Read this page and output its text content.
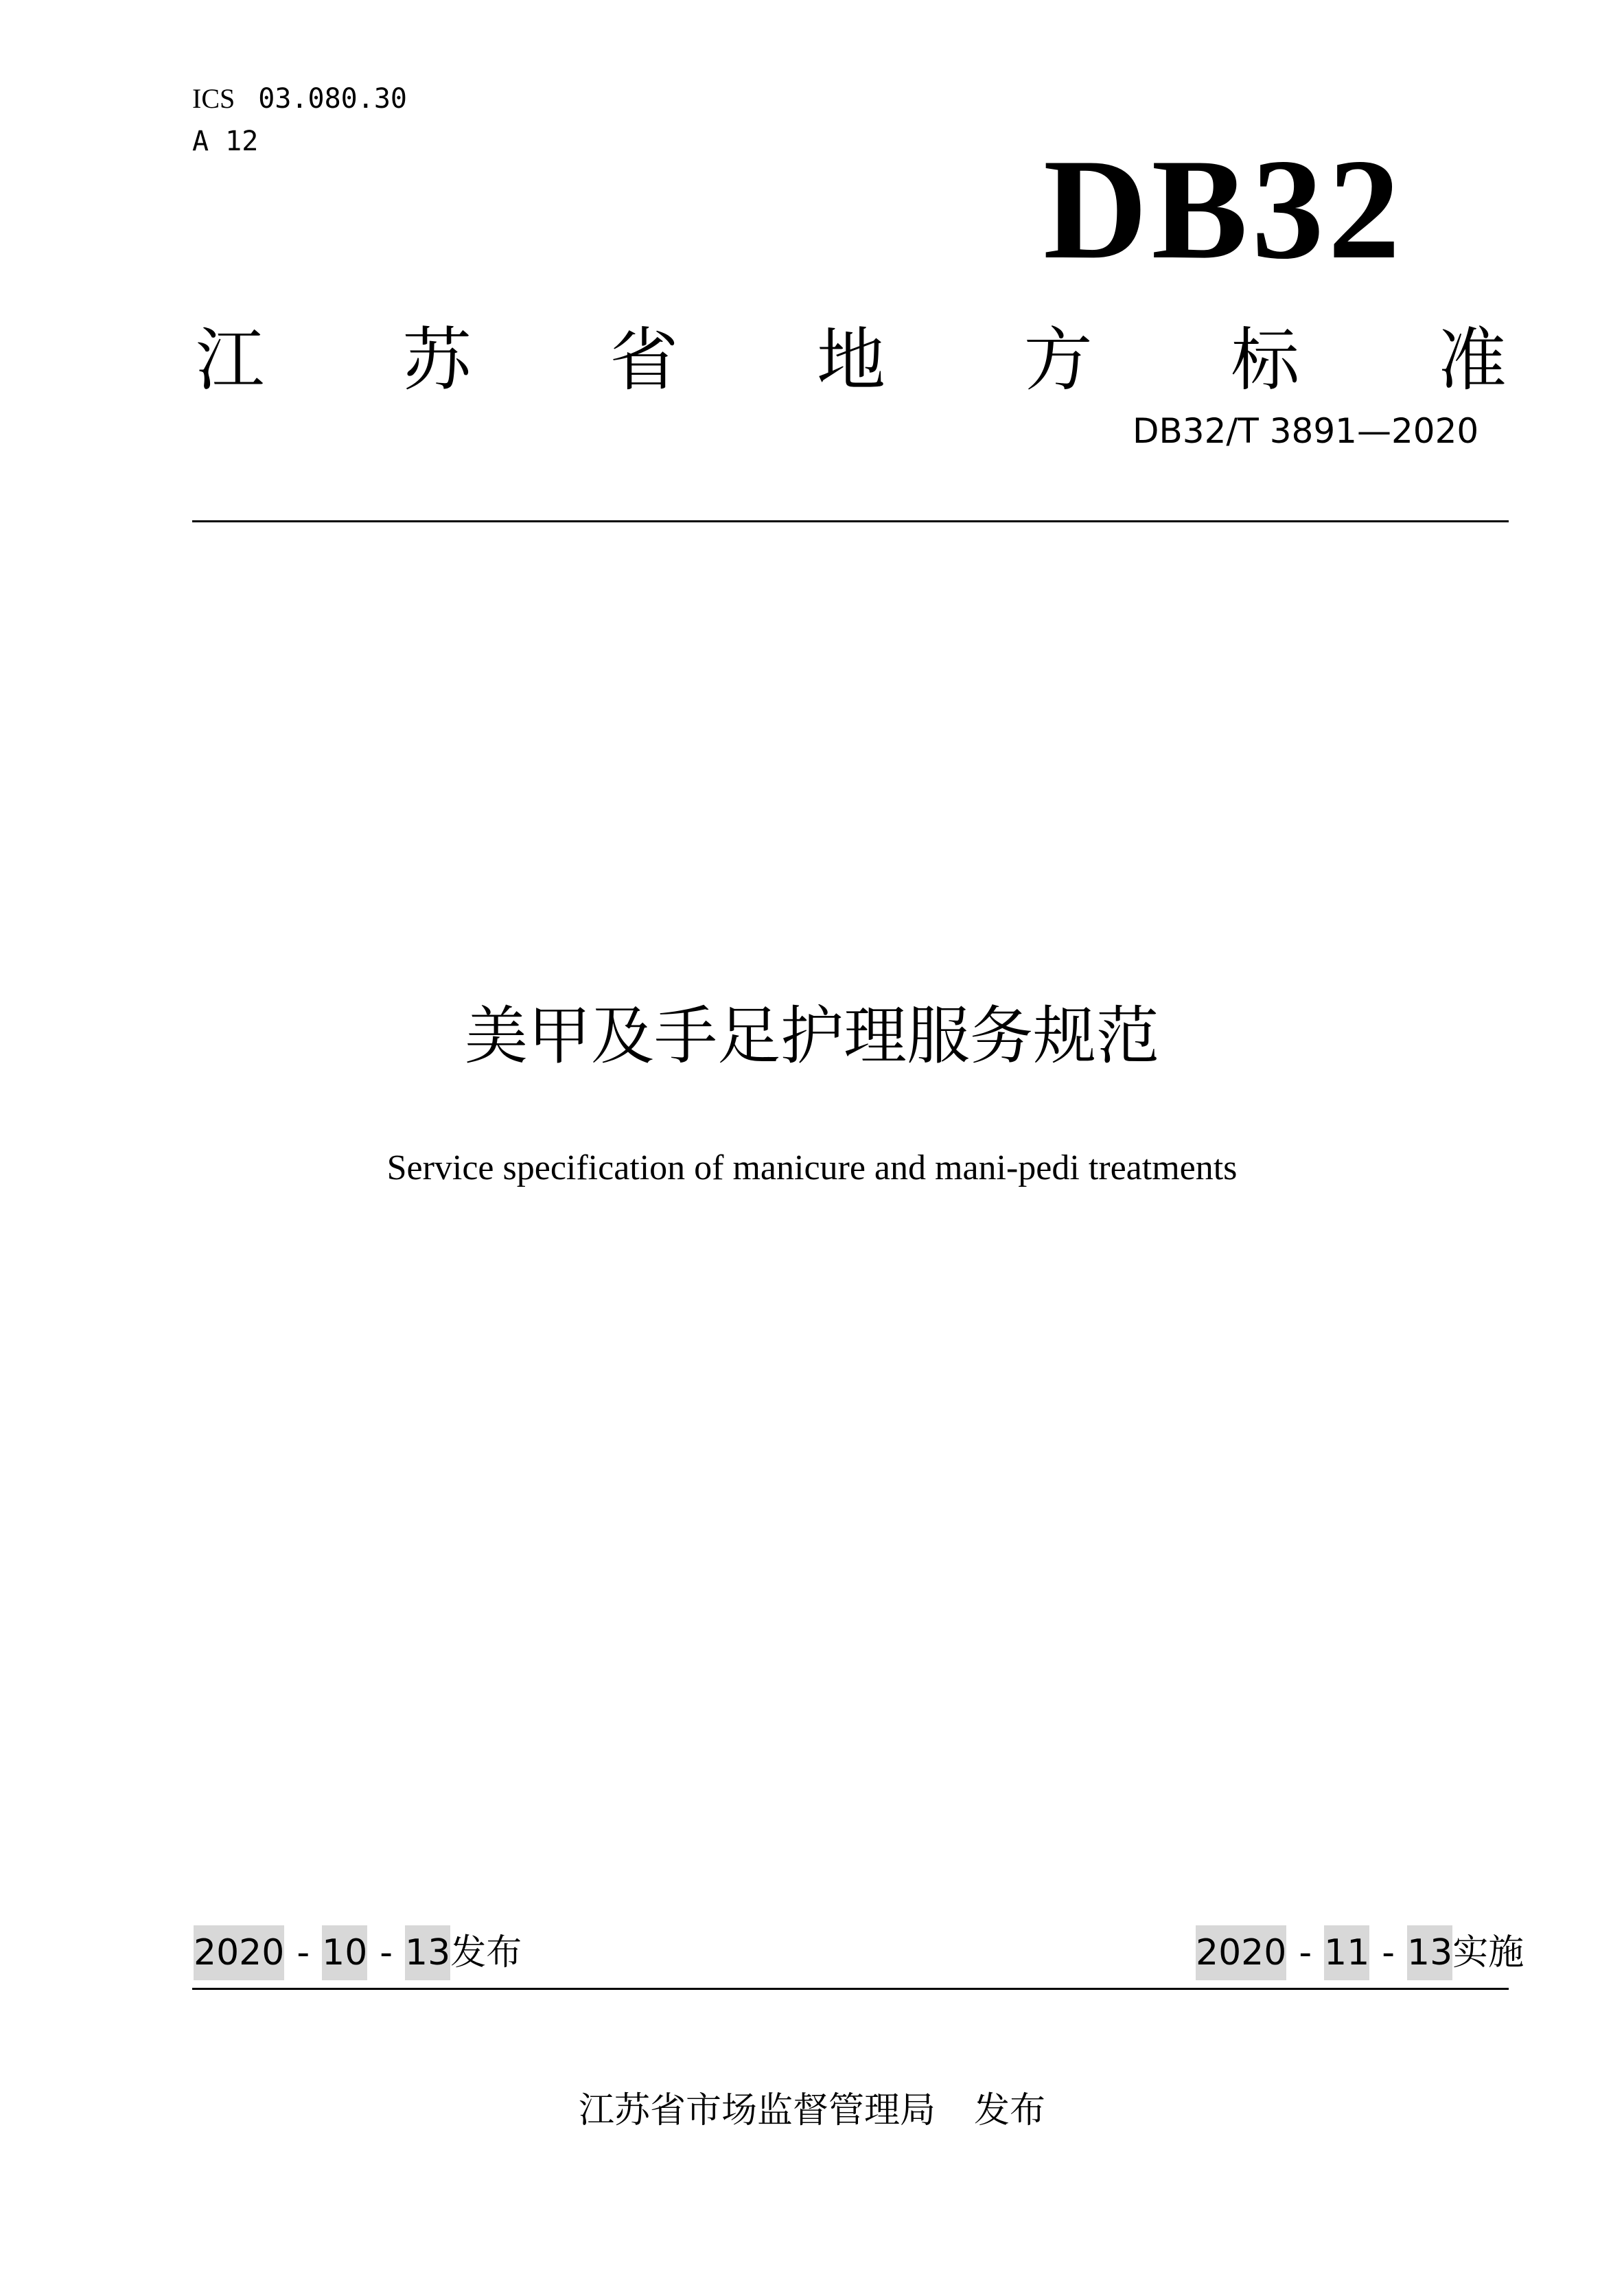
ICS 03.080.30
A 12	DB32
江 苏 省 地 方 标 准
DB32/T 3891—2020
美甲及手足护理服务规范
Service specification of manicure and mani-pedi treatments
2020 - 10 - 13 发布	2020 - 11 - 13 实施
江苏省市场监督管理局 发布
